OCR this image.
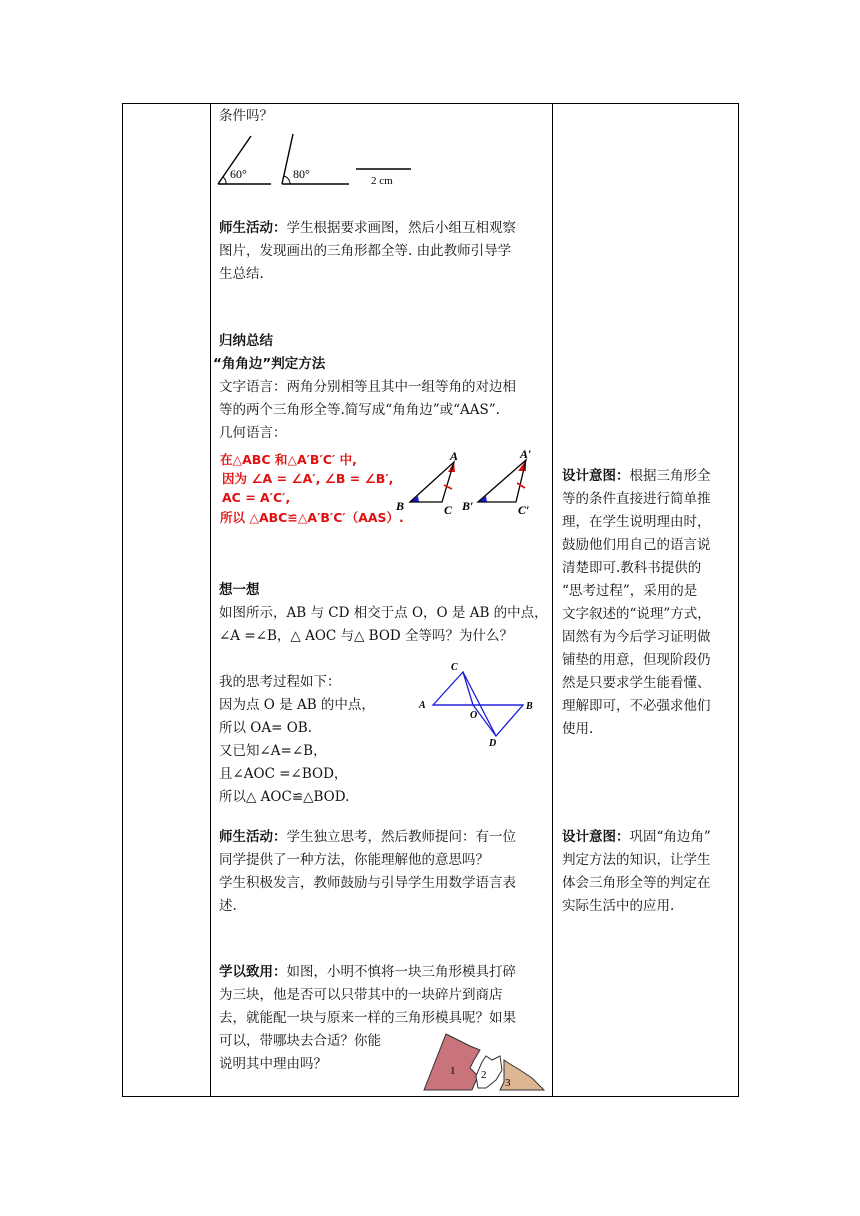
条件吗？
60°	80°	2 cm
师生活动：学生根据要求画图，然后小组互相观察
图片，发现画出的三角形都全等. 由此教师引导学
生总结.
归纳总结
“角角边”判定方法
文字语言：两角分别相等且其中一组等角的对边相
等的两个三角形全等.简写成“角角边”或“AAS”.
几何语言：
在△ABC 和△A′B′C′ 中,
因为 ∠A = ∠A′, ∠B = ∠B′,
AC = A′C′,
所以 △ABC≌△A′B′C′（AAS）.
A
B	C
A′
B′	C′
想一想
如图所示，AB 与 CD 相交于点 O，O 是 AB 的中点，
∠A =∠B，△ AOC 与△ BOD 全等吗？为什么？
我的思考过程如下：
因为点 O 是 AB 的中点，
所以 OA= OB.
又已知∠A=∠B，
且∠AOC =∠BOD，
所以△ AOC≌△BOD.
C
A	B
O
D
师生活动：学生独立思考，然后教师提问：有一位
同学提供了一种方法，你能理解他的意思吗？
学生积极发言，教师鼓励与引导学生用数学语言表
述.
学以致用：如图，小明不慎将一块三角形模具打碎
为三块，他是否可以只带其中的一块碎片到商店
去，就能配一块与原来一样的三角形模具呢？如果
可以，带哪块去合适？你能
说明其中理由吗？	1 2
3
设计意图：根据三角形全
等的条件直接进行简单推
理，在学生说明理由时，
鼓励他们用自己的语言说
清楚即可.教科书提供的
“思考过程”，采用的是
文字叙述的“说理”方式，
固然有为今后学习证明做
铺垫的用意，但现阶段仍
然是只要求学生能看懂、
理解即可，不必强求他们
使用.
设计意图：巩固“角边角”
判定方法的知识，让学生
体会三角形全等的判定在
实际生活中的应用.
